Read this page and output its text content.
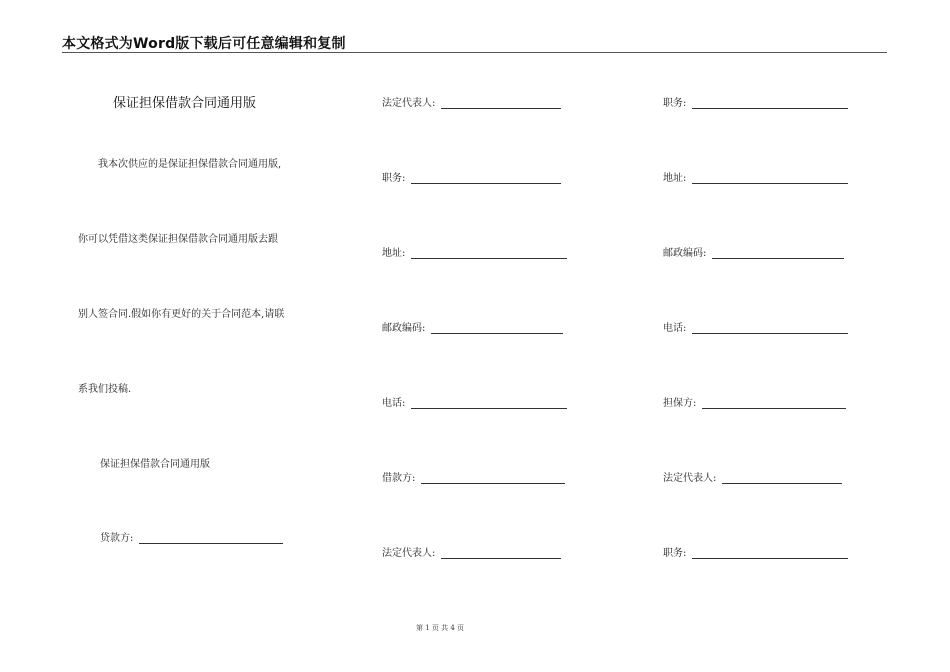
本文格式为Word版下载后可任意编辑和复制
保证担保借款合同通用版
我本次供应的是保证担保借款合同通用版,
你可以凭借这类保证担保借款合同通用版去跟
别人签合同.假如你有更好的关于合同范本,请联
系我们投稿.
保证担保借款合同通用版
贷款方:
法定代表人:
职务:
地址:
邮政编码:
电话:
借款方:
法定代表人:
职务:
地址:
邮政编码:
电话:
担保方:
法定代表人:
职务:
第 1 页 共 4 页
